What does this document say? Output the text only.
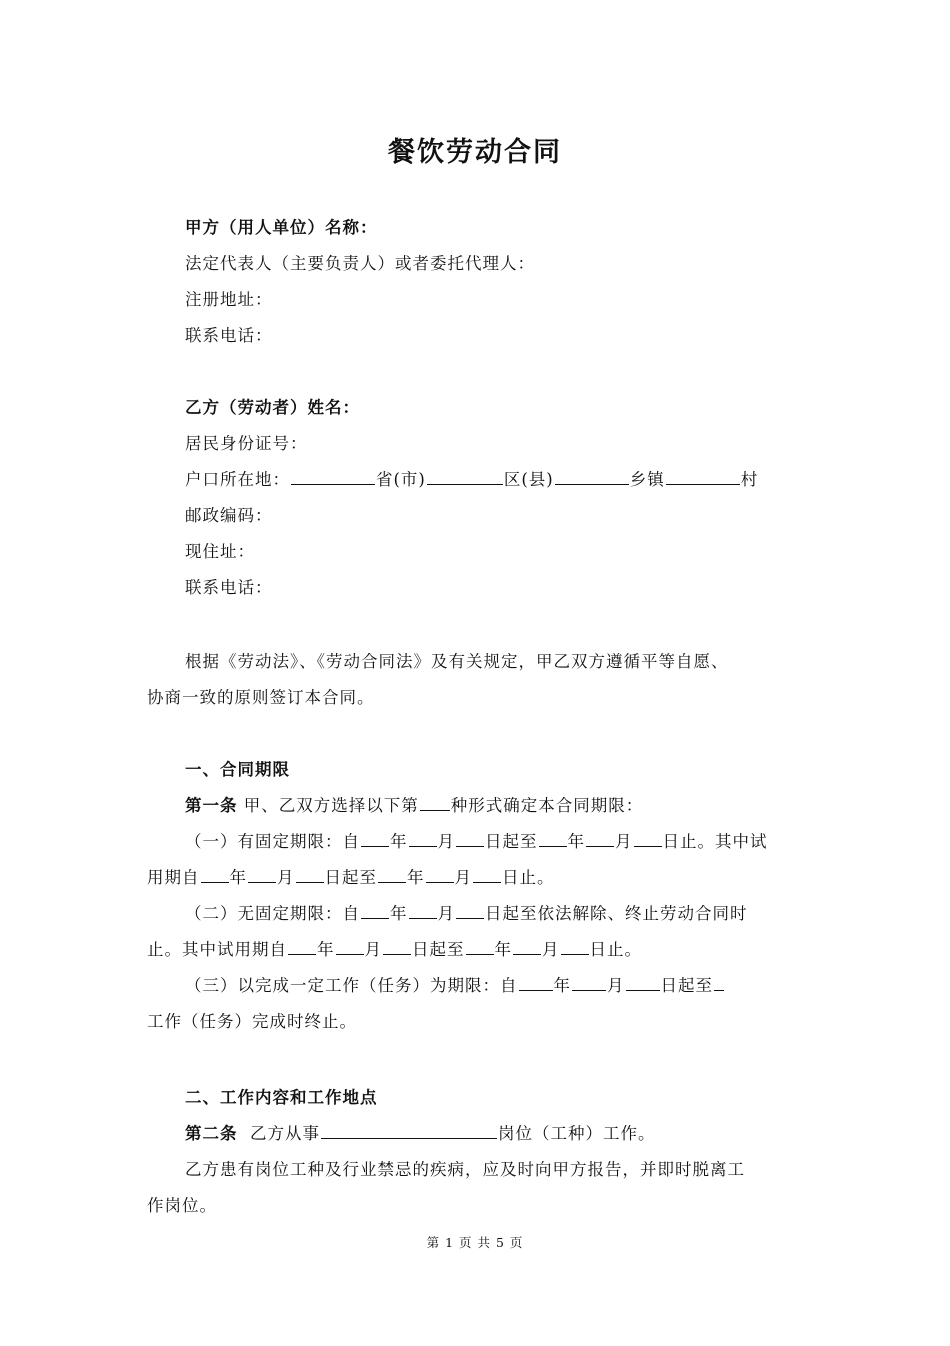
餐饮劳动合同
甲方（用人单位）名称：
法定代表人（主要负责人）或者委托代理人：
注册地址：
联系电话：
乙方（劳动者）姓名：
居民身份证号：
户口所在地：	省(市)	区(县)	乡镇	村
邮政编码：
现住址：
联系电话：
根据《劳动法》、《劳动合同法》及有关规定，甲乙双方遵循平等自愿、
协商一致的原则签订本合同。
一、合同期限
第一条 甲、乙双方选择以下第 种形式确定本合同期限：
（一）有固定期限：自 年 月 日起至 年 月 日止。其中试
用期自 年 月 日起至 年 月 日止。
（二）无固定期限：自 年 月 日起至依法解除、终止劳动合同时
止。其中试用期自 年 月 日起至 年 月 日止。
（三）以完成一定工作（任务）为期限：自 年 月 日起至
工作（任务）完成时终止。
二、工作内容和工作地点
第二条 乙方从事	岗位（工种）工作。
乙方患有岗位工种及行业禁忌的疾病，应及时向甲方报告，并即时脱离工
作岗位。
第 1 页 共 5 页
